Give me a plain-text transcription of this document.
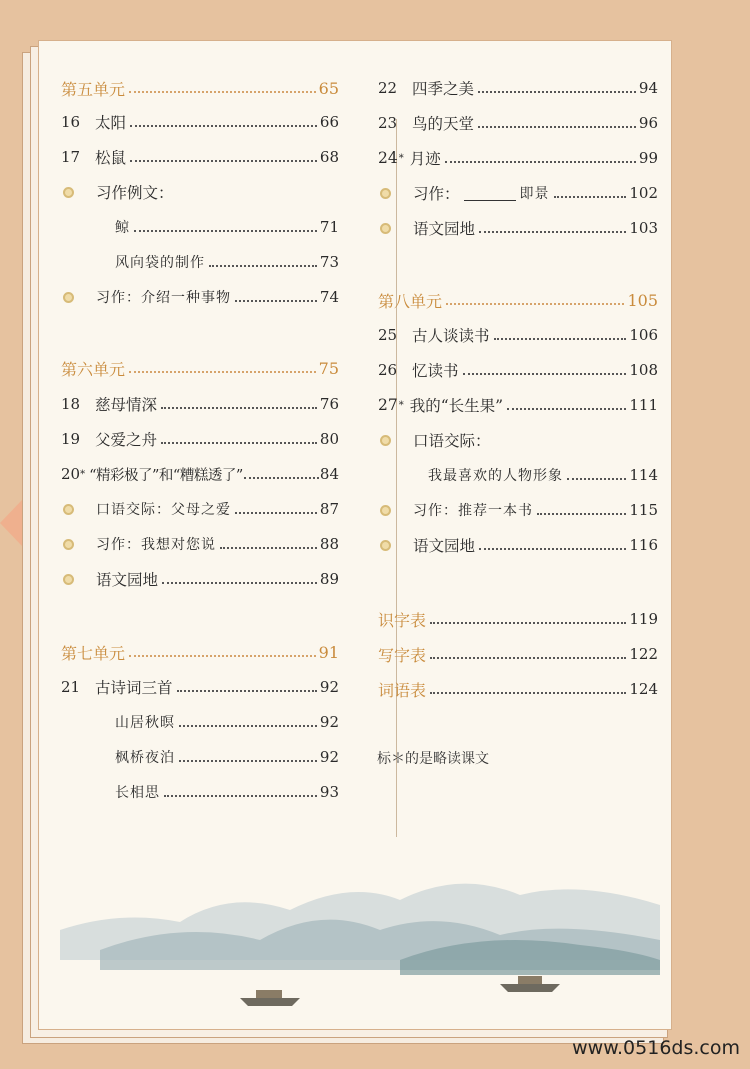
第五单元	65
16 太阳	66
17 松鼠	68
习作例文：
鲸	71
风向袋的制作	73
习作：介绍一种事物	74
第六单元	75
18 慈母情深	76
19 父爱之舟	80
20 * “精彩极了”和“糟糕透了”	84
口语交际：父母之爱	87
习作：我想对您说	88
语文园地	89
第七单元	91
21 古诗词三首	92
山居秋暝	92
枫桥夜泊	92
长相思	93
22 四季之美	94
23 鸟的天堂	96
24 * 月迹	99
习作：	即景	102
语文园地	103
第八单元	105
25 古人谈读书	106
26 忆读书	108
27 * 我的“长生果”	111
口语交际：
我最喜欢的人物形象	114
习作：推荐一本书	115
语文园地	116
识字表	119
写字表	122
词语表	124
标＊的是略读课文
www.0516ds.com
